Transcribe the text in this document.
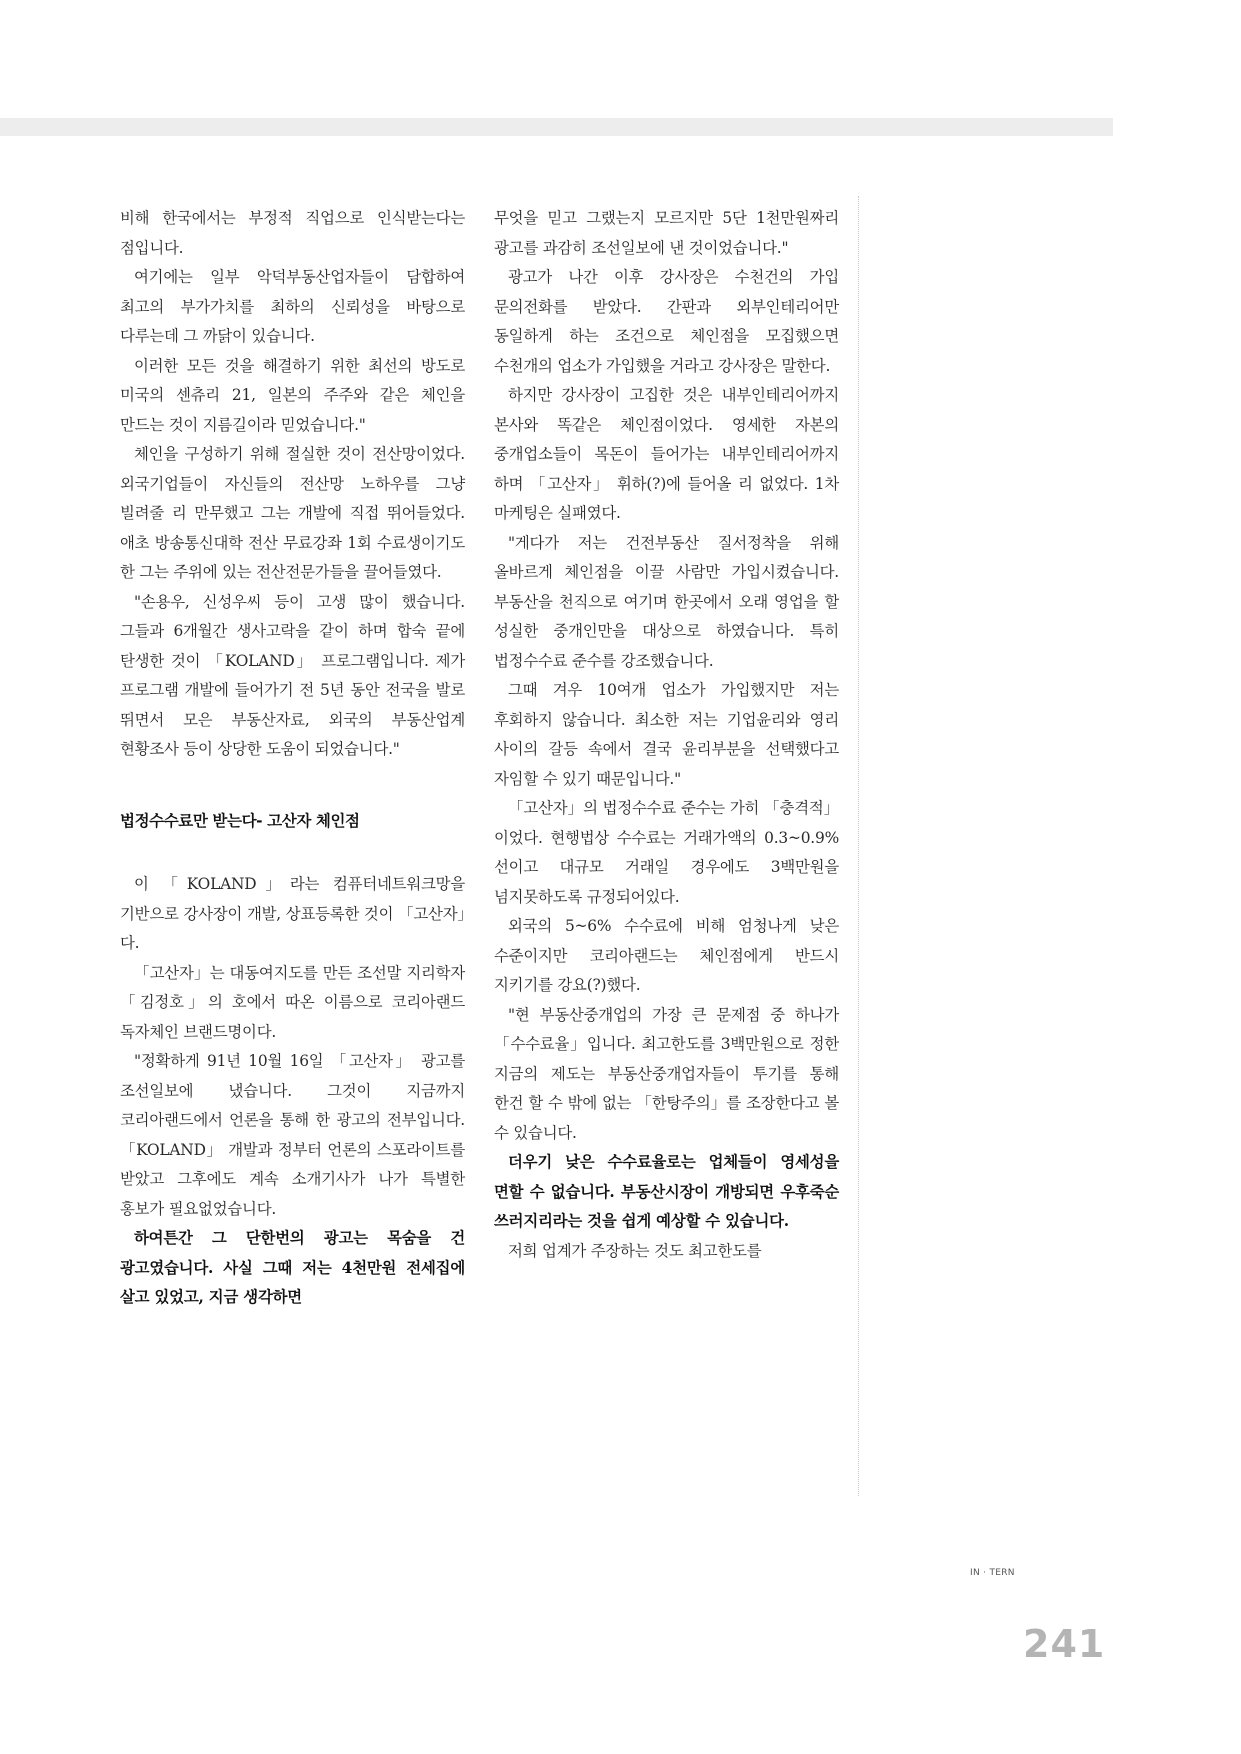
비해 한국에서는 부정적 직업으로 인식받는다는 점입니다.

여기에는 일부 악덕부동산업자들이 담합하여 최고의 부가가치를 최하의 신뢰성을 바탕으로 다루는데 그 까닭이 있습니다.

이러한 모든 것을 해결하기 위한 최선의 방도로 미국의 센츄리 21, 일본의 주주와 같은 체인을 만드는 것이 지름길이라 믿었습니다."

체인을 구성하기 위해 절실한 것이 전산망이었다. 외국기업들이 자신들의 전산망 노하우를 그냥 빌려줄 리 만무했고 그는 개발에 직접 뛰어들었다. 애초 방송통신대학 전산 무료강좌 1회 수료생이기도 한 그는 주위에 있는 전산전문가들을 끌어들였다.

"손용우, 신성우씨 등이 고생 많이 했습니다. 그들과 6개월간 생사고락을 같이 하며 합숙 끝에 탄생한 것이 「KOLAND」 프로그램입니다. 제가 프로그램 개발에 들어가기 전 5년 동안 전국을 발로 뛰면서 모은 부동산자료, 외국의 부동산업계 현황조사 등이 상당한 도움이 되었습니다."

법정수수료만 받는다- 고산자 체인점

이 「KOLAND」라는 컴퓨터네트워크망을 기반으로 강사장이 개발, 상표등록한 것이 「고산자」다.

「고산자」는 대동여지도를 만든 조선말 지리학자 「김정호」의 호에서 따온 이름으로 코리아랜드 독자체인 브랜드명이다.

"정확하게 91년 10월 16일 「고산자」 광고를 조선일보에 냈습니다. 그것이 지금까지 코리아랜드에서 언론을 통해 한 광고의 전부입니다. 「KOLAND」 개발과 정부터 언론의 스포라이트를 받았고 그후에도 계속 소개기사가 나가 특별한 홍보가 필요없었습니다.

하여튼간 그 단한번의 광고는 목숨을 건 광고였습니다. 사실 그때 저는 4천만원 전세집에 살고 있었고, 지금 생각하면

무엇을 믿고 그랬는지 모르지만 5단 1천만원짜리 광고를 과감히 조선일보에 낸 것이었습니다."

광고가 나간 이후 강사장은 수천건의 가입 문의전화를 받았다. 간판과 외부인테리어만 동일하게 하는 조건으로 체인점을 모집했으면 수천개의 업소가 가입했을 거라고 강사장은 말한다.

하지만 강사장이 고집한 것은 내부인테리어까지 본사와 똑같은 체인점이었다. 영세한 자본의 중개업소들이 목돈이 들어가는 내부인테리어까지 하며 「고산자」 휘하(?)에 들어올 리 없었다. 1차 마케팅은 실패였다.

"게다가 저는 건전부동산 질서정착을 위해 올바르게 체인점을 이끌 사람만 가입시켰습니다. 부동산을 천직으로 여기며 한곳에서 오래 영업을 할 성실한 중개인만을 대상으로 하였습니다. 특히 법정수수료 준수를 강조했습니다.

그때 겨우 10여개 업소가 가입했지만 저는 후회하지 않습니다. 최소한 저는 기업윤리와 영리 사이의 갈등 속에서 결국 윤리부분을 선택했다고 자임할 수 있기 때문입니다."

「고산자」의 법정수수료 준수는 가히 「충격적」이었다. 현행법상 수수료는 거래가액의 0.3~0.9% 선이고 대규모 거래일 경우에도 3백만원을 넘지못하도록 규정되어있다.

외국의 5~6% 수수료에 비해 엄청나게 낮은 수준이지만 코리아랜드는 체인점에게 반드시 지키기를 강요(?)했다.

"현 부동산중개업의 가장 큰 문제점 중 하나가 「수수료율」입니다. 최고한도를 3백만원으로 정한 지금의 제도는 부동산중개업자들이 투기를 통해 한건 할 수 밖에 없는 「한탕주의」를 조장한다고 볼 수 있습니다.

더우기 낮은 수수료율로는 업체들이 영세성을 면할 수 없습니다. 부동산시장이 개방되면 우후죽순 쓰러지리라는 것을 쉽게 예상할 수 있습니다.

저희 업계가 주장하는 것도 최고한도를

IN · TERN
241
